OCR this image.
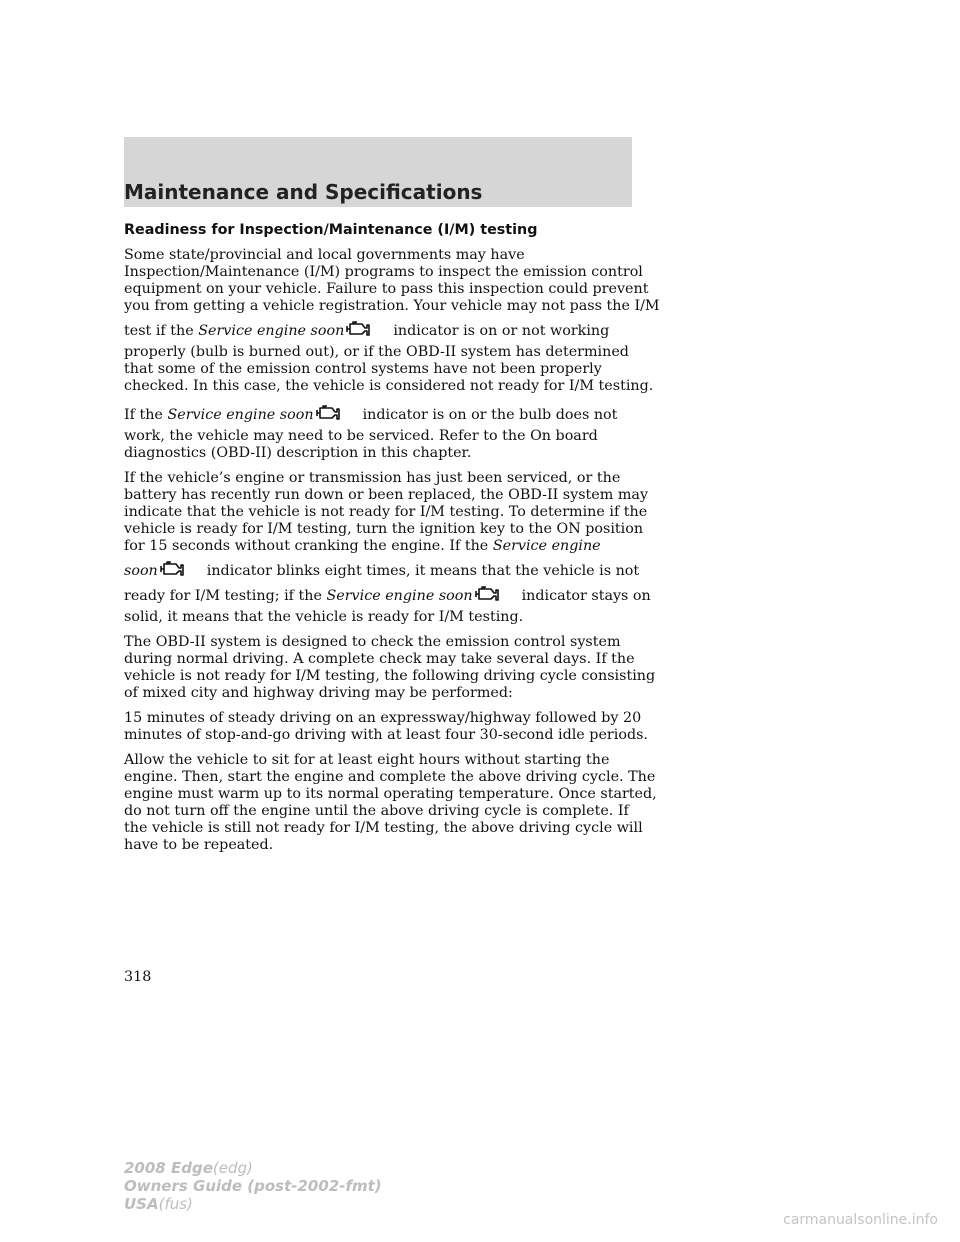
Maintenance and Specifications
Readiness for Inspection/Maintenance (I/M) testing
Some state/provincial and local governments may have
Inspection/Maintenance (I/M) programs to inspect the emission control
equipment on your vehicle. Failure to pass this inspection could prevent
you from getting a vehicle registration. Your vehicle may not pass the I/M
test if the Service engine soon	indicator is on or not working
properly (bulb is burned out), or if the OBD-II system has determined
that some of the emission control systems have not been properly
checked. In this case, the vehicle is considered not ready for I/M testing.
If the Service engine soon	indicator is on or the bulb does not
work, the vehicle may need to be serviced. Refer to the On board
diagnostics (OBD-II) description in this chapter.
If the vehicle’s engine or transmission has just been serviced, or the
battery has recently run down or been replaced, the OBD-II system may
indicate that the vehicle is not ready for I/M testing. To determine if the
vehicle is ready for I/M testing, turn the ignition key to the ON position
for 15 seconds without cranking the engine. If the Service engine
soon	indicator blinks eight times, it means that the vehicle is not
ready for I/M testing; if the Service engine soon	indicator stays on
solid, it means that the vehicle is ready for I/M testing.
The OBD-II system is designed to check the emission control system
during normal driving. A complete check may take several days. If the
vehicle is not ready for I/M testing, the following driving cycle consisting
of mixed city and highway driving may be performed:
15 minutes of steady driving on an expressway/highway followed by 20
minutes of stop-and-go driving with at least four 30-second idle periods.
Allow the vehicle to sit for at least eight hours without starting the
engine. Then, start the engine and complete the above driving cycle. The
engine must warm up to its normal operating temperature. Once started,
do not turn off the engine until the above driving cycle is complete. If
the vehicle is still not ready for I/M testing, the above driving cycle will
have to be repeated.
318
2008 Edge(edg)
Owners Guide (post-2002-fmt)
USA(fus)
carmanualsonline.info
